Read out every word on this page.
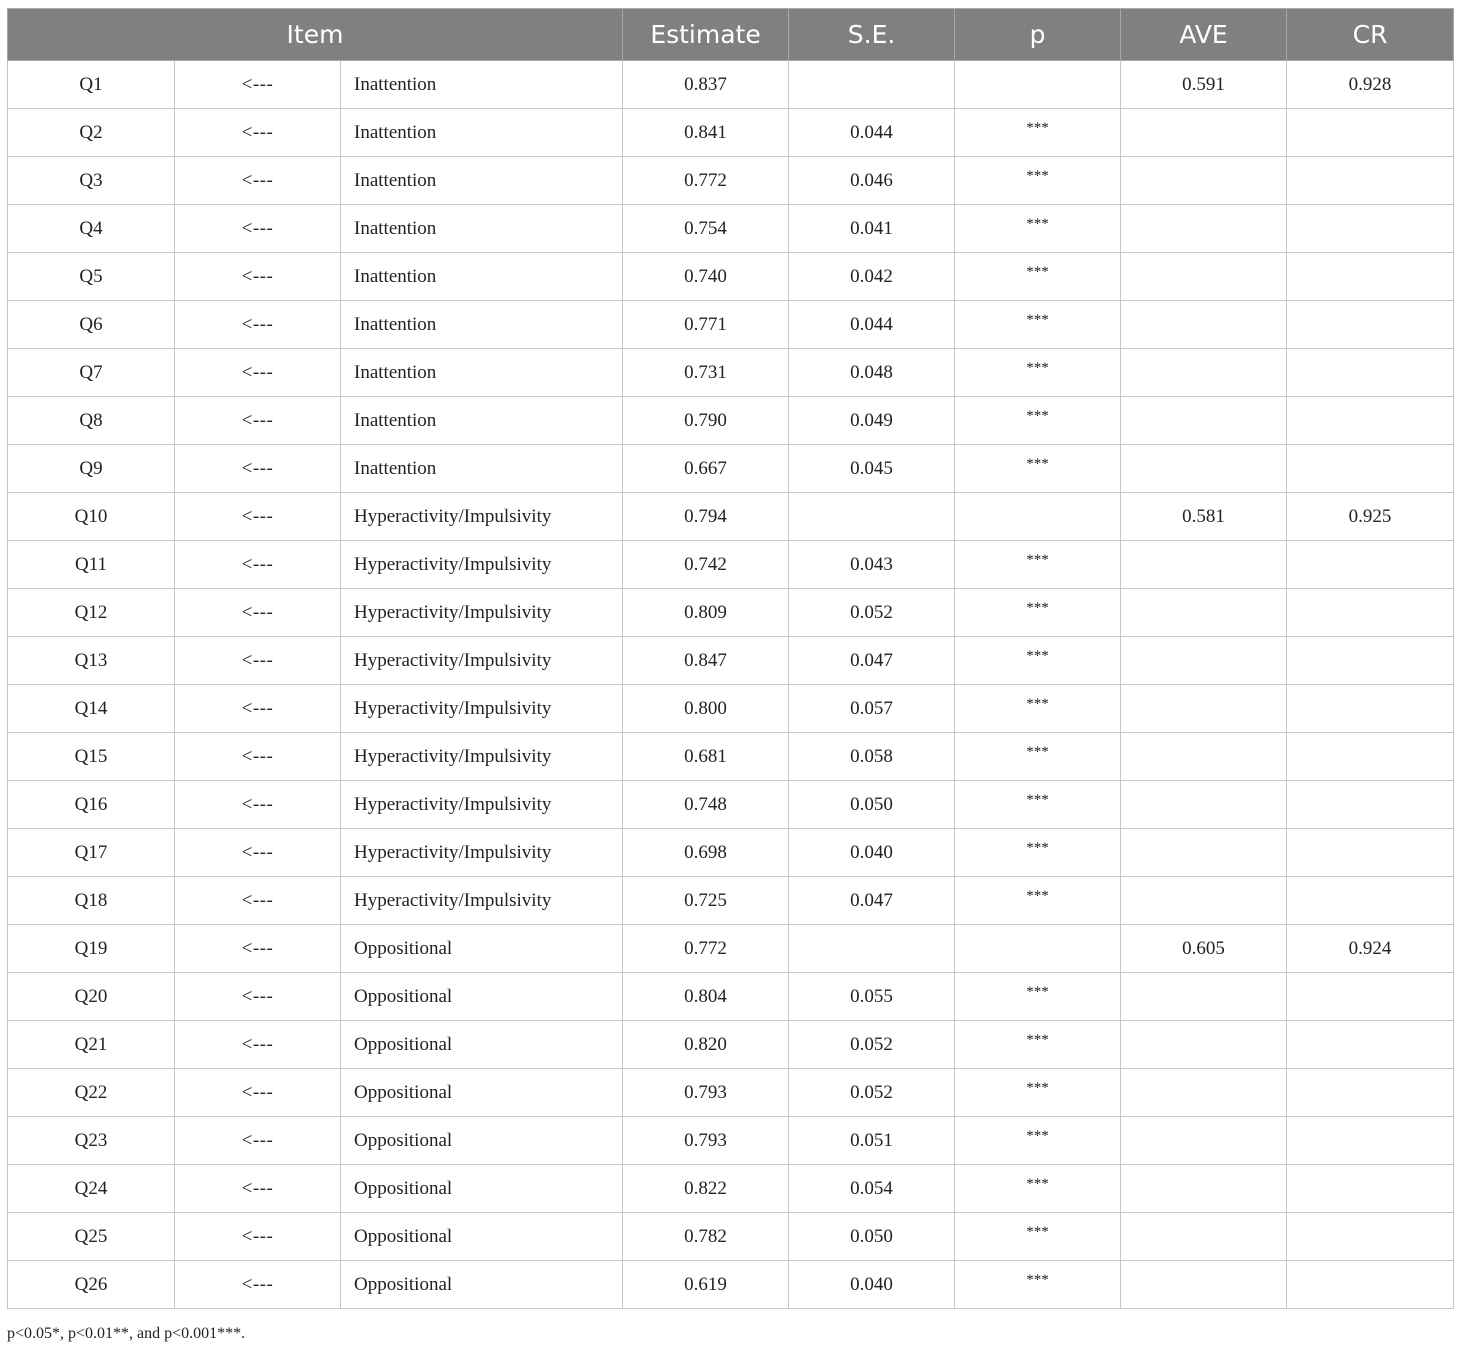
Item			Estimate	S.E.	p	AVE	CR
Q1	<---	Inattention	0.837			0.591	0.928
Q2	<---	Inattention	0.841	0.044	***		
Q3	<---	Inattention	0.772	0.046	***		
Q4	<---	Inattention	0.754	0.041	***		
Q5	<---	Inattention	0.740	0.042	***		
Q6	<---	Inattention	0.771	0.044	***		
Q7	<---	Inattention	0.731	0.048	***		
Q8	<---	Inattention	0.790	0.049	***		
Q9	<---	Inattention	0.667	0.045	***		
Q10	<---	Hyperactivity/Impulsivity	0.794			0.581	0.925
Q11	<---	Hyperactivity/Impulsivity	0.742	0.043	***		
Q12	<---	Hyperactivity/Impulsivity	0.809	0.052	***		
Q13	<---	Hyperactivity/Impulsivity	0.847	0.047	***		
Q14	<---	Hyperactivity/Impulsivity	0.800	0.057	***		
Q15	<---	Hyperactivity/Impulsivity	0.681	0.058	***		
Q16	<---	Hyperactivity/Impulsivity	0.748	0.050	***		
Q17	<---	Hyperactivity/Impulsivity	0.698	0.040	***		
Q18	<---	Hyperactivity/Impulsivity	0.725	0.047	***		
Q19	<---	Oppositional	0.772			0.605	0.924
Q20	<---	Oppositional	0.804	0.055	***		
Q21	<---	Oppositional	0.820	0.052	***		
Q22	<---	Oppositional	0.793	0.052	***		
Q23	<---	Oppositional	0.793	0.051	***		
Q24	<---	Oppositional	0.822	0.054	***		
Q25	<---	Oppositional	0.782	0.050	***		
Q26	<---	Oppositional	0.619	0.040	***		
p<0.05*, p<0.01**, and p<0.001***.
